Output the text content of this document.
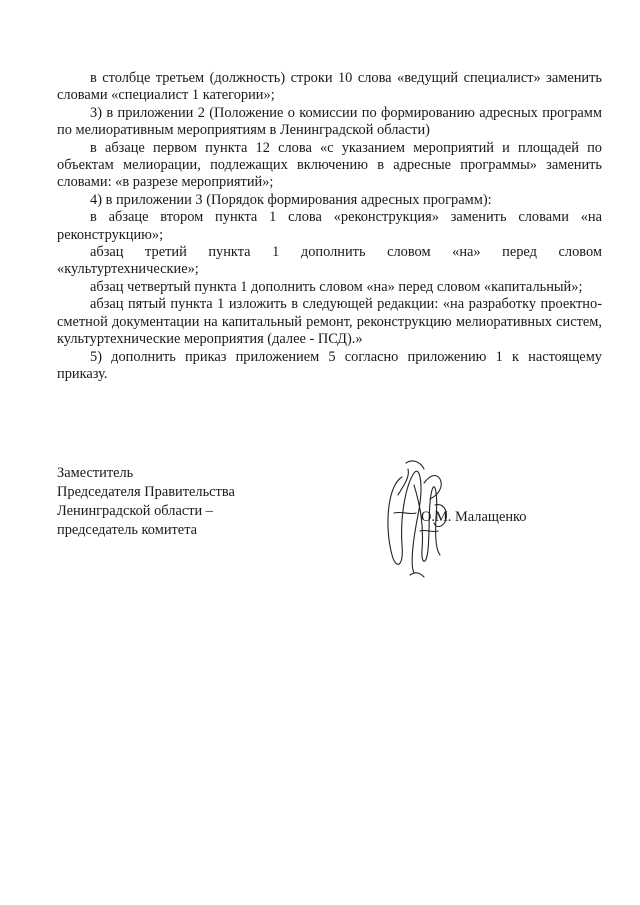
в столбце третьем (должность) строки 10 слова «ведущий специалист» заменить словами «специалист 1 категории»;

3) в приложении 2 (Положение о комиссии по формированию адресных программ по мелиоративным мероприятиям в Ленинградской области)

в абзаце первом пункта 12 слова «с указанием мероприятий и площадей по объектам мелиорации, подлежащих включению в адресные программы» заменить словами: «в разрезе мероприятий»;

4) в приложении 3 (Порядок формирования адресных программ):

в абзаце втором пункта 1 слова «реконструкция» заменить словами «на реконструкцию»;

абзац третий пункта 1 дополнить словом «на» перед словом «культуртехнические»;

абзац четвертый пункта 1 дополнить словом «на» перед словом «капитальный»;

абзац пятый пункта 1 изложить в следующей редакции: «на разработку проектно-сметной документации на капитальный ремонт, реконструкцию мелиоративных систем, культуртехнические мероприятия (далее - ПСД).»

5) дополнить приказ приложением 5 согласно приложению 1 к настоящему приказу.

Заместитель
Председателя Правительства
Ленинградской области –
председатель комитета
О.М. Малащенко
